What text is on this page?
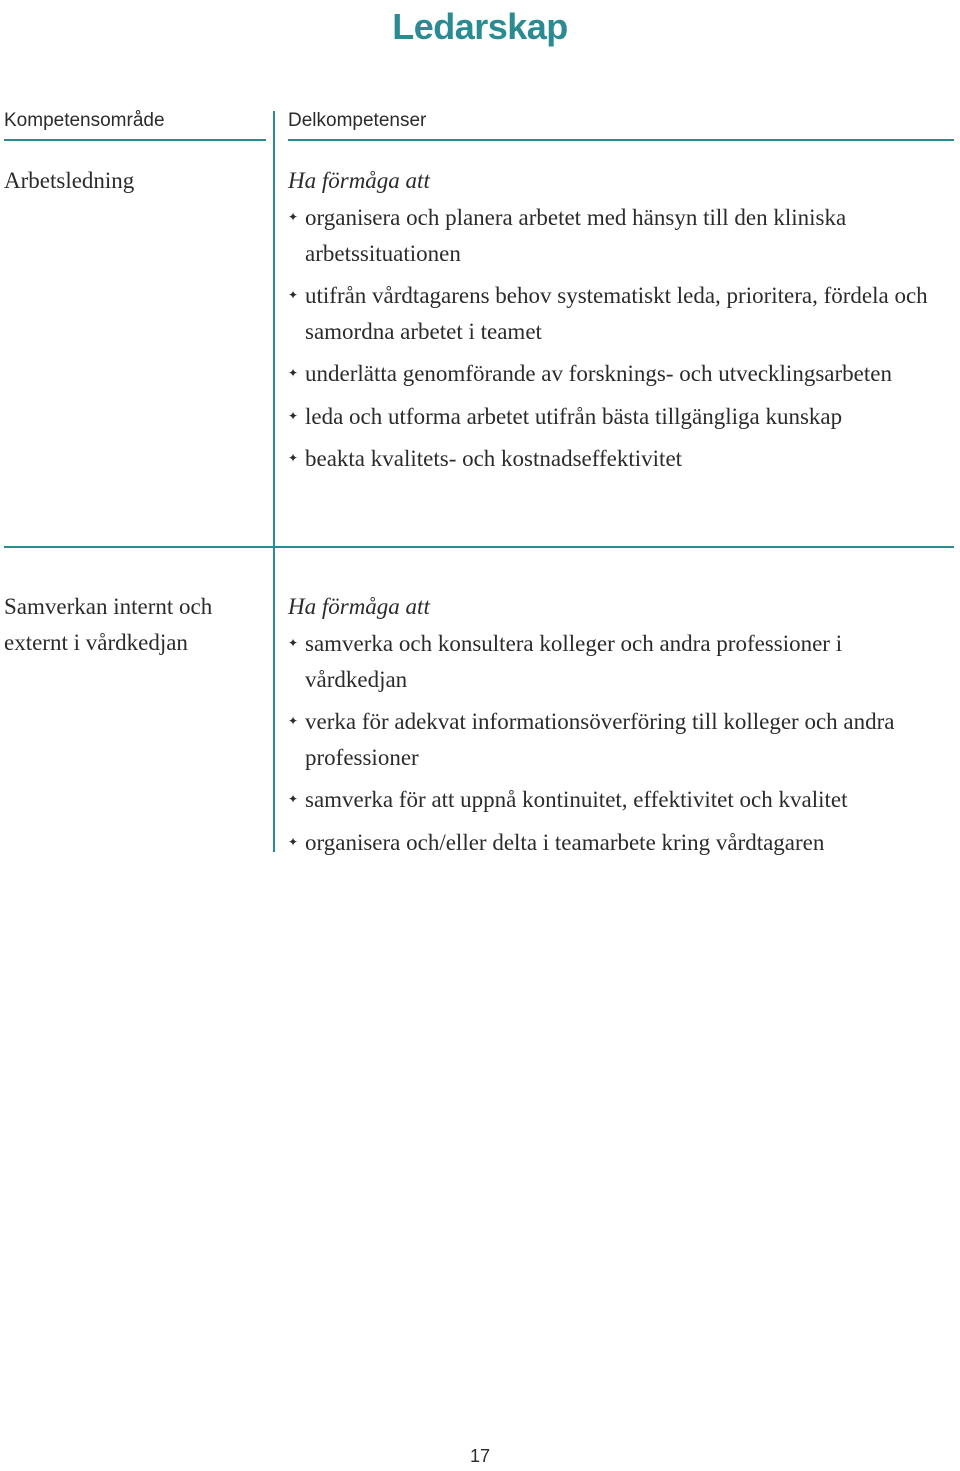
Ledarskap
Kompetensområde	Delkompetenser
Arbetsledning	Ha förmåga att
✦ organisera och planera arbetet med hänsyn till den kliniska arbetssituationen
✦ utifrån vårdtagarens behov systematiskt leda, prioritera, fördela och samordna arbetet i teamet
✦ underlätta genomförande av forsknings- och utvecklingsarbeten
✦ leda och utforma arbetet utifrån bästa tillgängliga kunskap
✦ beakta kvalitets- och kostnadseffektivitet
Samverkan internt och externt i vårdkedjan
Ha förmåga att
✦ samverka och konsultera kolleger och andra professioner i vårdkedjan
✦ verka för adekvat informationsöverföring till kolleger och andra professioner
✦ samverka för att uppnå kontinuitet, effektivitet och kvalitet
✦ organisera och/eller delta i teamarbete kring vårdtagaren
17
